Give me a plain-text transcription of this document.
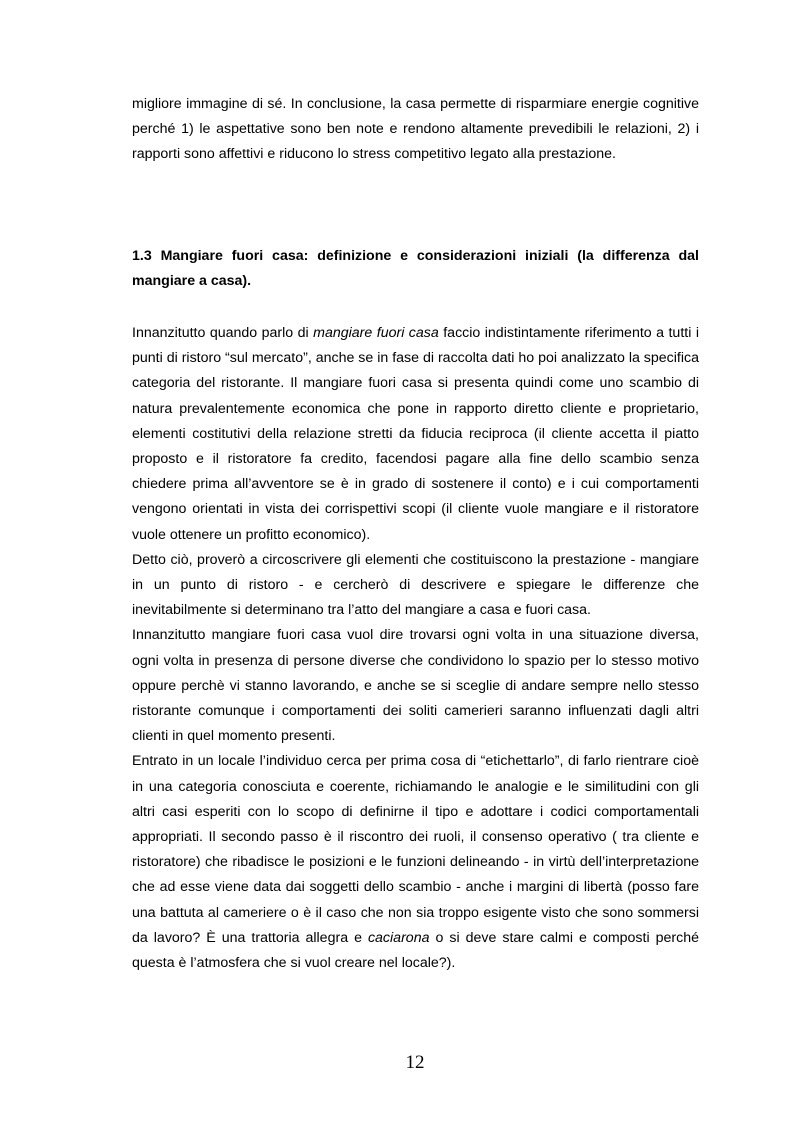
migliore immagine di sé. In conclusione, la casa permette di risparmiare energie cognitive perché 1) le aspettative sono ben note e rendono altamente prevedibili le relazioni, 2) i rapporti sono affettivi e riducono lo stress competitivo legato alla prestazione.

1.3 Mangiare fuori casa: definizione e considerazioni iniziali (la differenza dal mangiare a casa).

Innanzitutto quando parlo di mangiare fuori casa faccio indistintamente riferimento a tutti i punti di ristoro “sul mercato”, anche se in fase di raccolta dati ho poi analizzato la specifica categoria del ristorante. Il mangiare fuori casa si presenta quindi come uno scambio di natura prevalentemente economica che pone in rapporto diretto cliente e proprietario, elementi costitutivi della relazione stretti da fiducia reciproca (il cliente accetta il piatto proposto e il ristoratore fa credito, facendosi pagare alla fine dello scambio senza chiedere prima all’avventore se è in grado di sostenere il conto) e i cui comportamenti vengono orientati in vista dei corrispettivi scopi (il cliente vuole mangiare e il ristoratore vuole ottenere un profitto economico).

Detto ciò, proverò a circoscrivere gli elementi che costituiscono la prestazione - mangiare in un punto di ristoro - e cercherò di descrivere e spiegare le differenze che inevitabilmente si determinano tra l’atto del mangiare a casa e fuori casa.

Innanzitutto mangiare fuori casa vuol dire trovarsi ogni volta in una situazione diversa, ogni volta in presenza di persone diverse che condividono lo spazio per lo stesso motivo oppure perchè vi stanno lavorando, e anche se si sceglie di andare sempre nello stesso ristorante comunque i comportamenti dei soliti camerieri saranno influenzati dagli altri clienti in quel momento presenti.

Entrato in un locale l’individuo cerca per prima cosa di “etichettarlo”, di farlo rientrare cioè in una categoria conosciuta e coerente, richiamando le analogie e le similitudini con gli altri casi esperiti con lo scopo di definirne il tipo e adottare i codici comportamentali appropriati. Il secondo passo è il riscontro dei ruoli, il consenso operativo ( tra cliente e ristoratore) che ribadisce le posizioni e le funzioni delineando - in virtù dell’interpretazione che ad esse viene data dai soggetti dello scambio - anche i margini di libertà (posso fare una battuta al cameriere o è il caso che non sia troppo esigente visto che sono sommersi da lavoro? È una trattoria allegra e caciarona o si deve stare calmi e composti perché questa è l’atmosfera che si vuol creare nel locale?).

12
